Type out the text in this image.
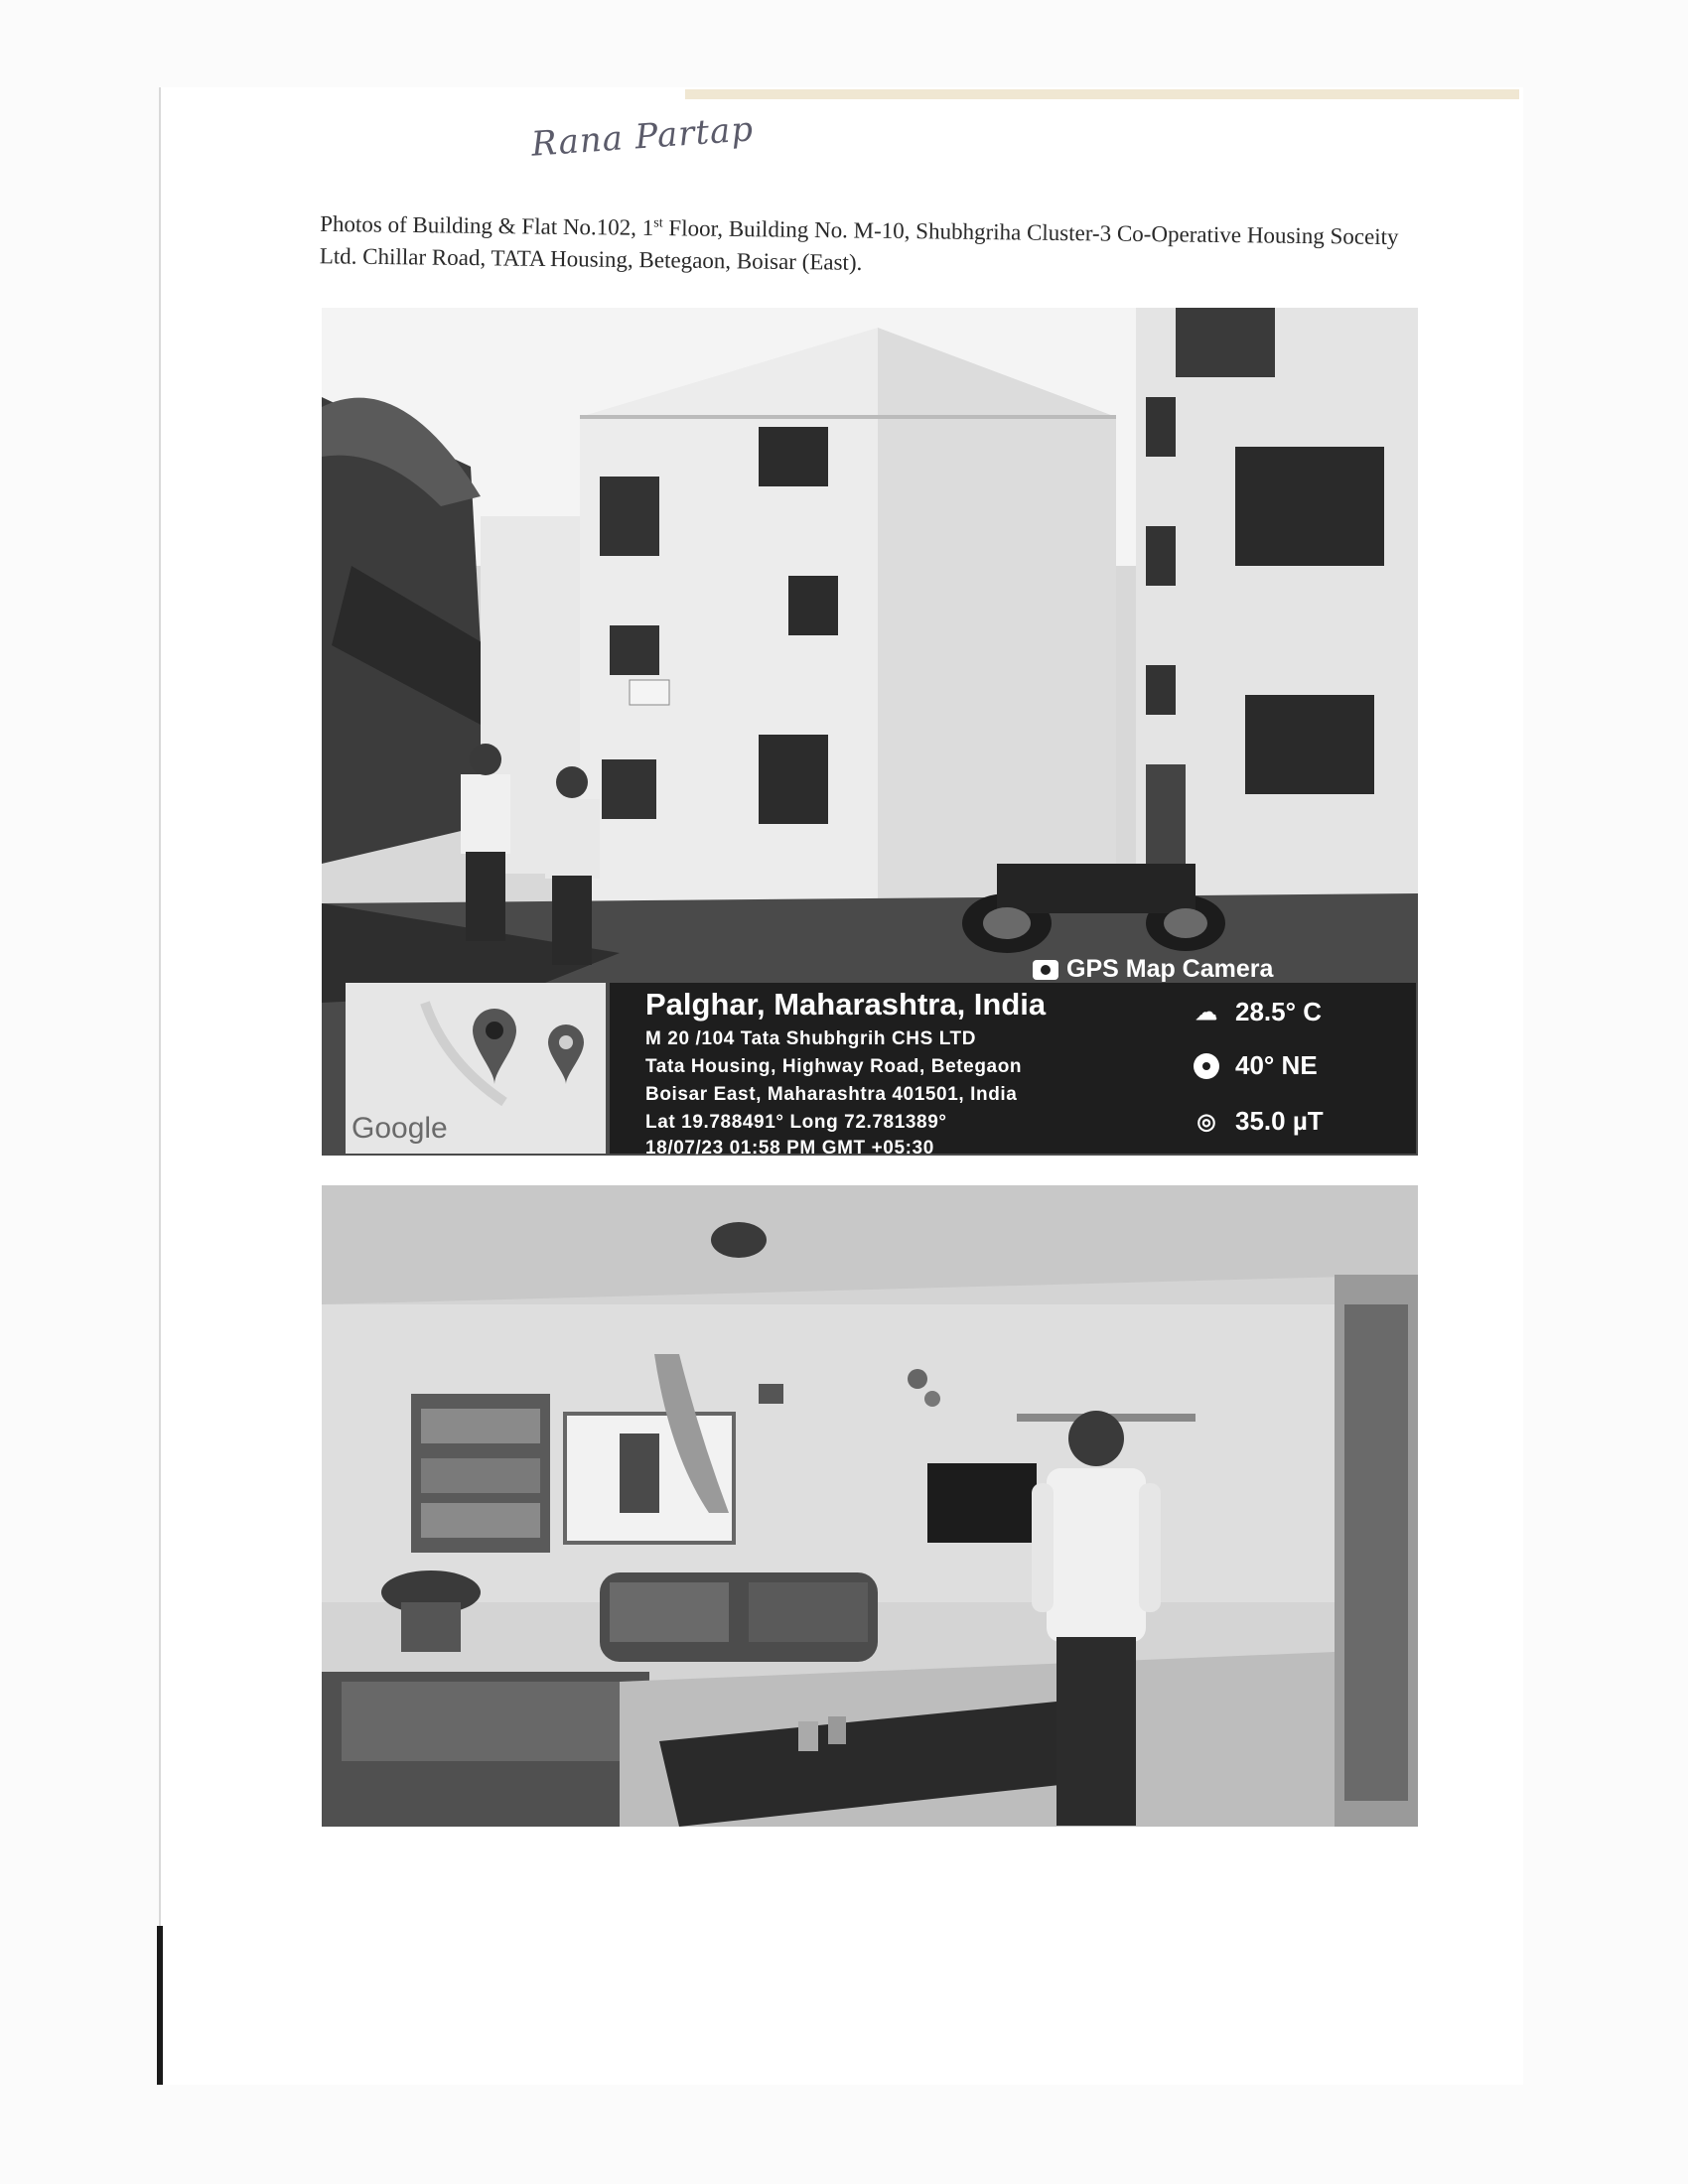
Rana Partap
Photos of Building & Flat No.102, 1st Floor, Building No. M-10, Shubhgriha Cluster-3 Co-Operative Housing Soceity Ltd. Chillar Road, TATA Housing, Betegaon, Boisar (East).
GPS Map Camera
Google
Palghar, Maharashtra, India
M 20 /104 Tata Shubhgrih CHS LTD
Tata Housing, Highway Road, Betegaon
Boisar East, Maharashtra 401501, India
Lat 19.788491° Long 72.781389°
18/07/23 01:58 PM GMT +05:30
☁ 28.5° C
40° NE
◎ 35.0 µT
